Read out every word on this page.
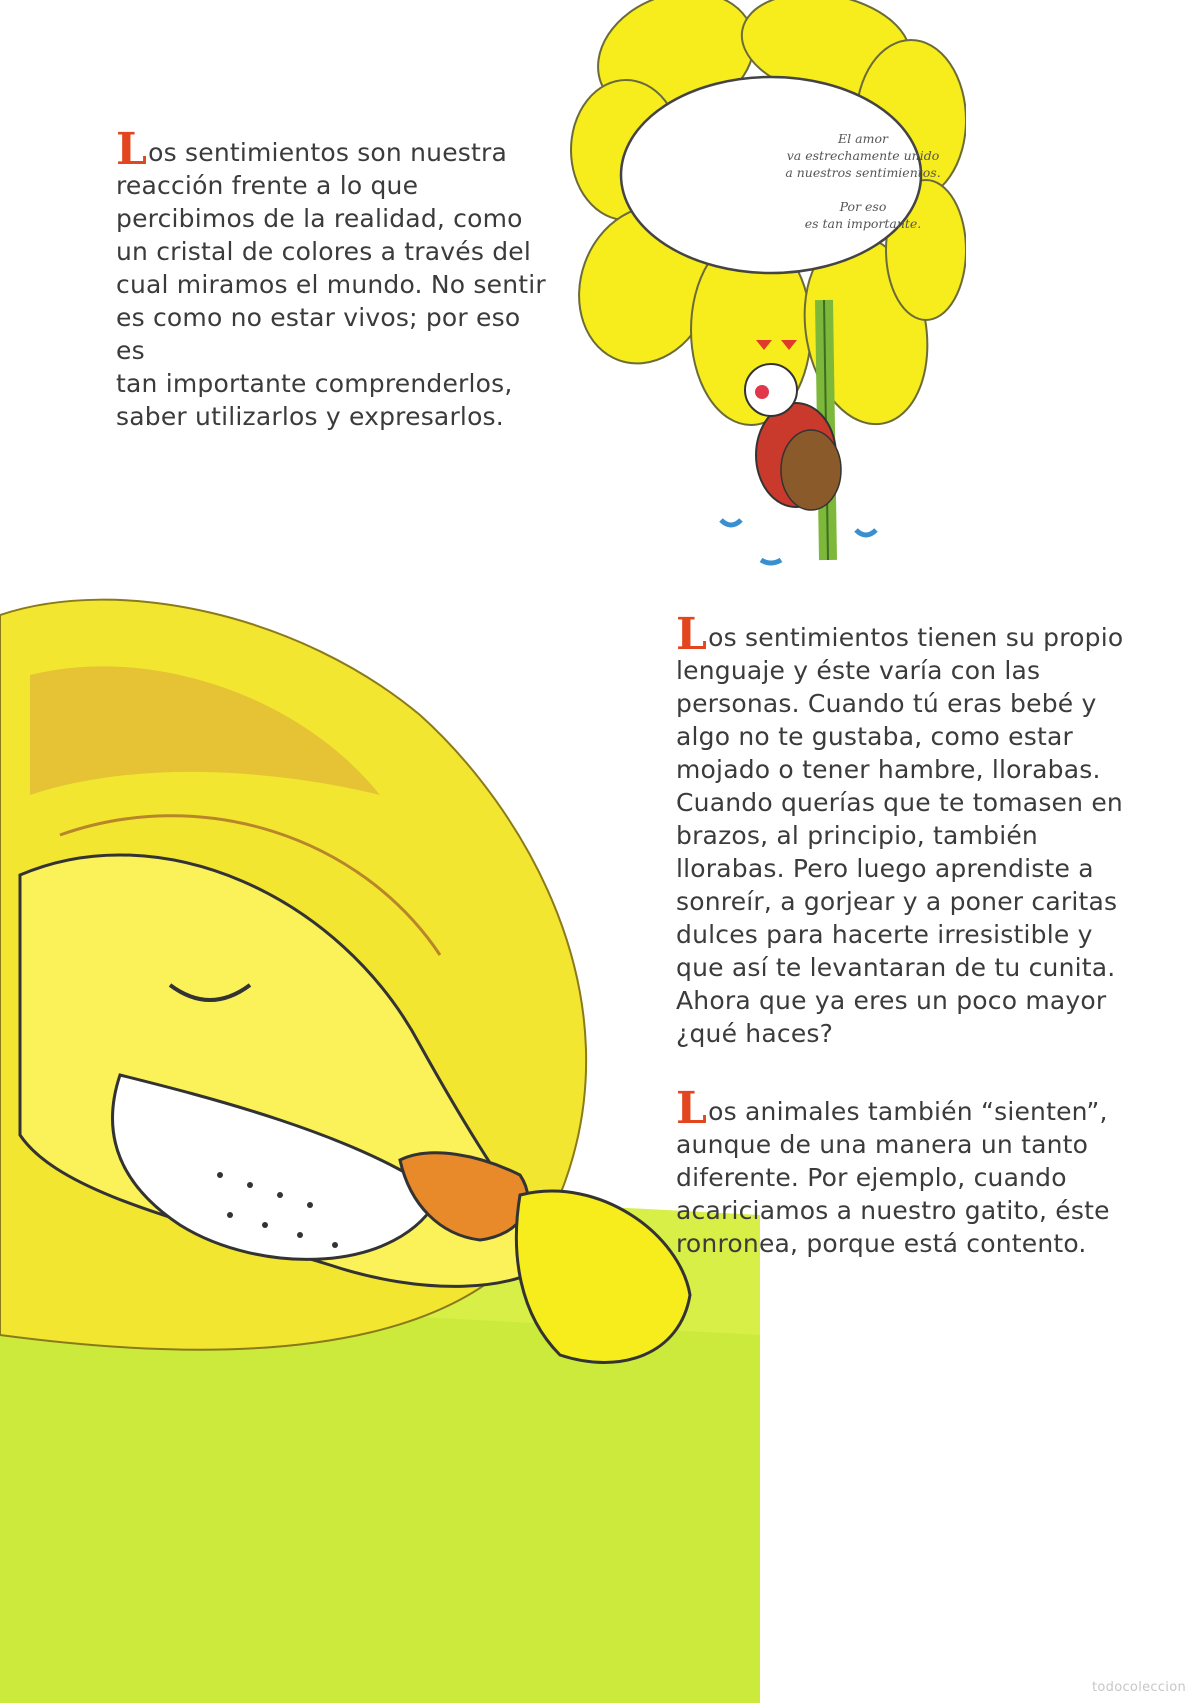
El amor
va estrechamente unido
a nuestros sentimientos.

Por eso
es tan importante.

Los sentimientos son nuestra
reacción frente a lo que
percibimos de la realidad, como
un cristal de colores a través del
cual miramos el mundo. No sentir
es como no estar vivos; por eso es
tan importante comprenderlos,
saber utilizarlos y expresarlos.

Los sentimientos tienen su propio
lenguaje y éste varía con las
personas. Cuando tú eras bebé y
algo no te gustaba, como estar
mojado o tener hambre, llorabas.
Cuando querías que te tomasen en
brazos, al principio, también
llorabas. Pero luego aprendiste a
sonreír, a gorjear y a poner caritas
dulces para hacerte irresistible y
que así te levantaran de tu cunita.
Ahora que ya eres un poco mayor
¿qué haces?

Los animales también “sienten”,
aunque de una manera un tanto
diferente. Por ejemplo, cuando
acariciamos a nuestro gatito, éste
ronronea, porque está contento.

todocoleccion
